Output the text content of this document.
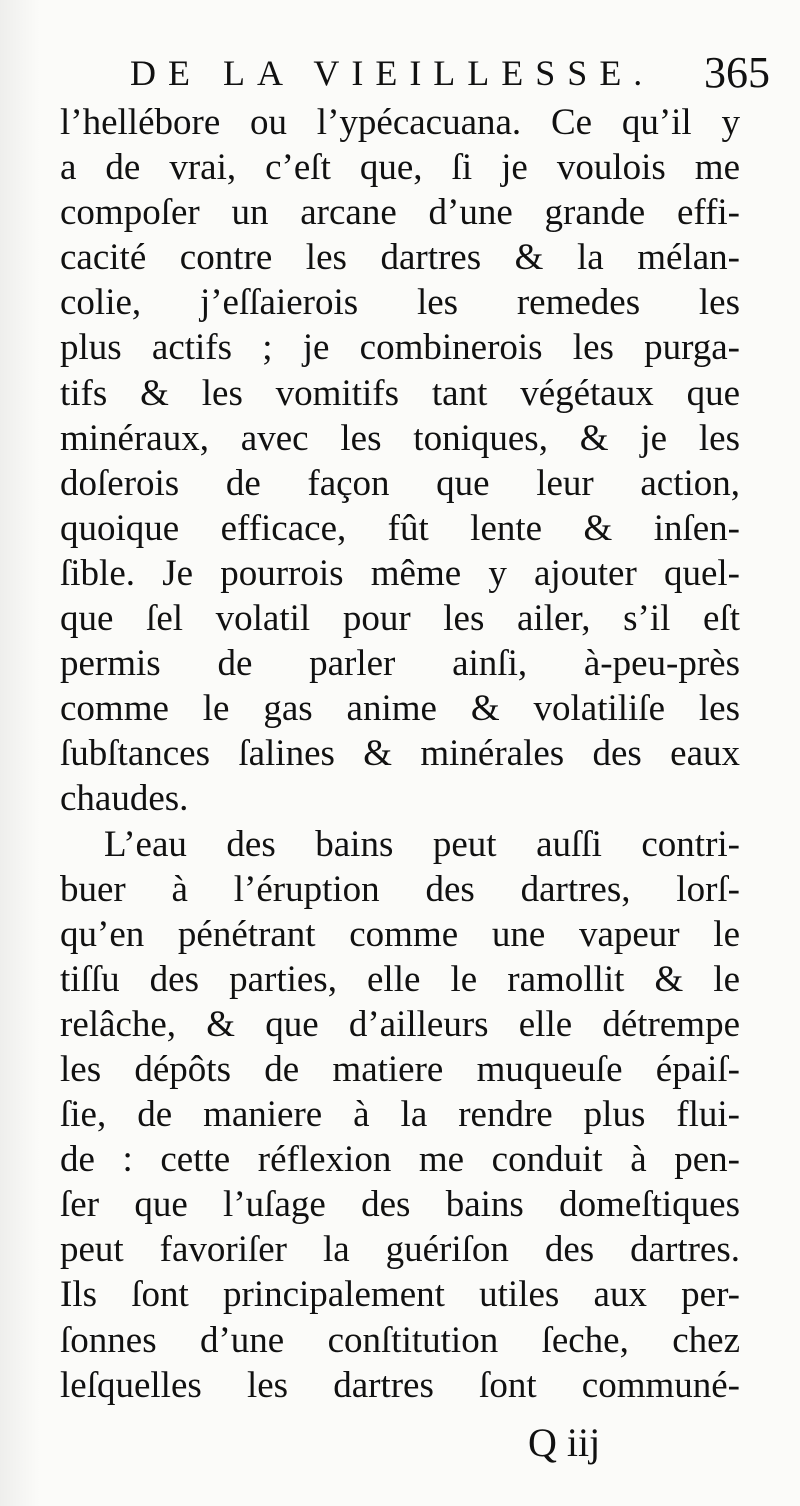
DE LA VIEILLESSE. 365
l’hellébore ou l’ypécacuana. Ce qu’il y
a de vrai, c’eſt que, ſi je voulois me
compoſer un arcane d’une grande effi-
cacité contre les dartres & la mélan-
colie, j’eſſaierois les remedes les
plus actifs ; je combinerois les purga-
tifs & les vomitifs tant végétaux que
minéraux, avec les toniques, & je les
doſerois de façon que leur action,
quoique efficace, fût lente & inſen-
ſible. Je pourrois même y ajouter quel-
que ſel volatil pour les ailer, s’il eſt
permis de parler ainſi, à-peu-près
comme le gas anime & volatiliſe les
ſubſtances ſalines & minérales des eaux
chaudes.
L’eau des bains peut auſſi contri-
buer à l’éruption des dartres, lorſ-
qu’en pénétrant comme une vapeur le
tiſſu des parties, elle le ramollit & le
relâche, & que d’ailleurs elle détrempe
les dépôts de matiere muqueuſe épaiſ-
ſie, de maniere à la rendre plus flui-
de : cette réflexion me conduit à pen-
ſer que l’uſage des bains domeſtiques
peut favoriſer la guériſon des dartres.
Ils ſont principalement utiles aux per-
ſonnes d’une conſtitution ſeche, chez
leſquelles les dartres ſont communé-
Q iij
